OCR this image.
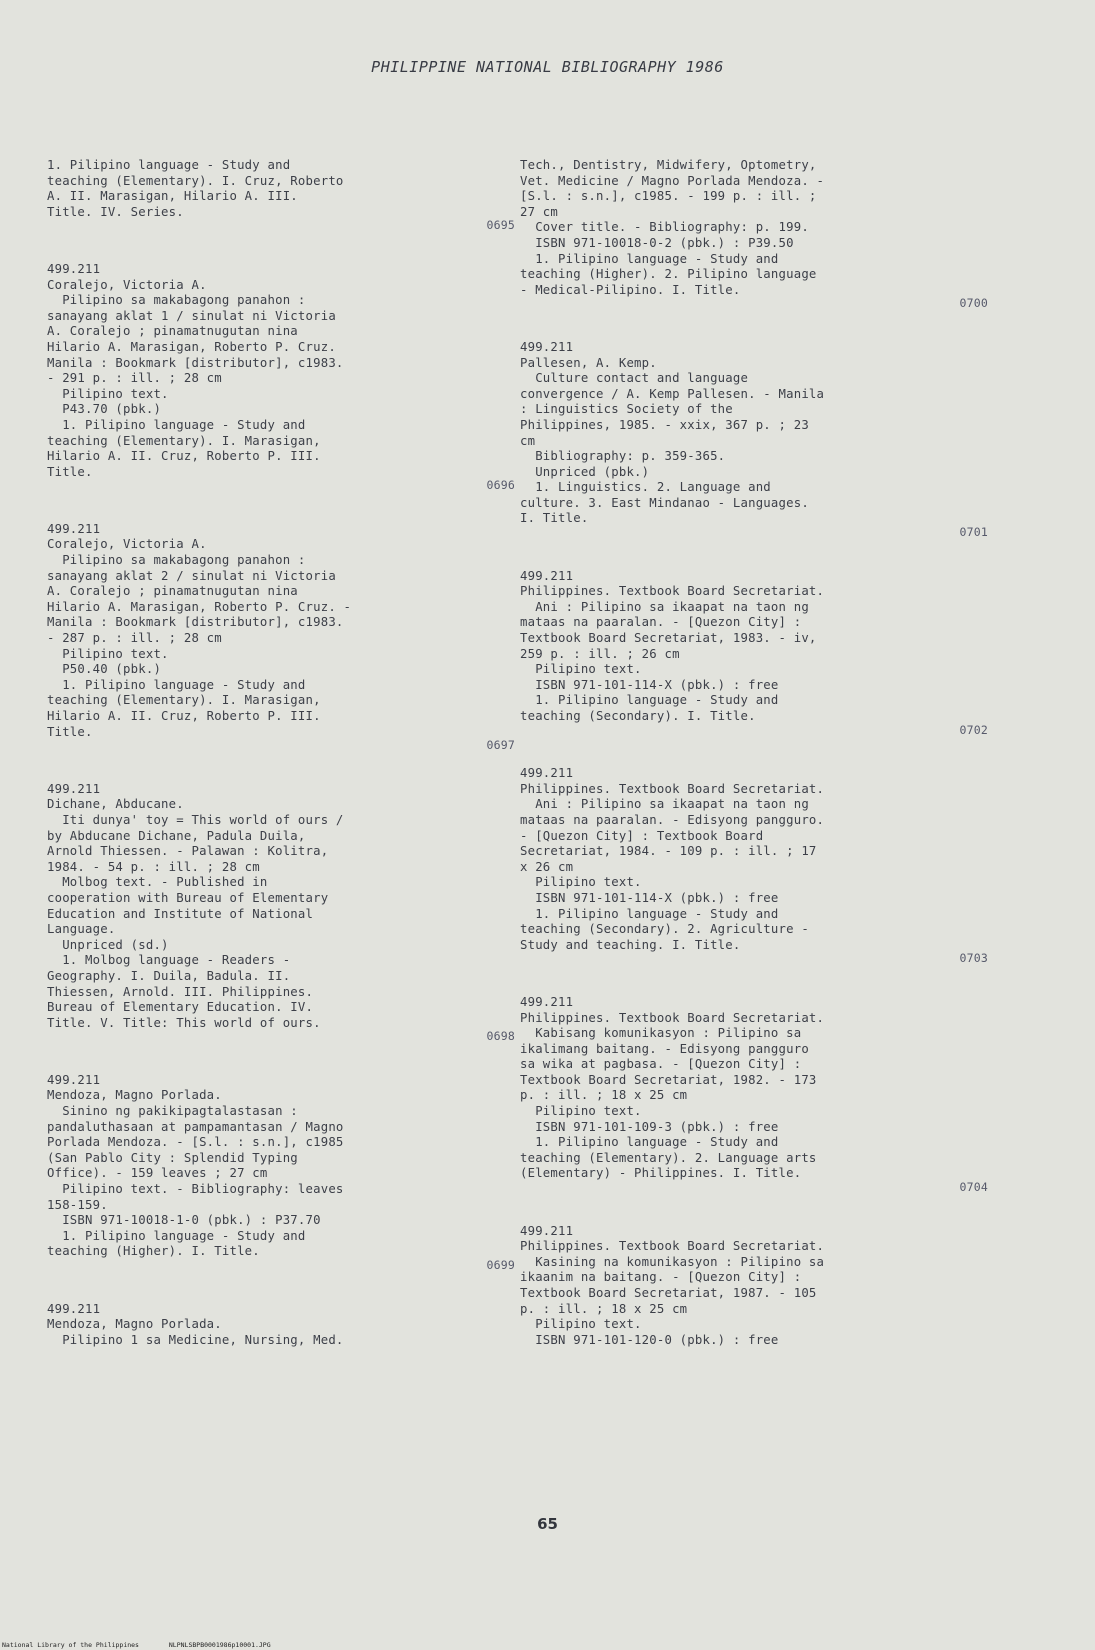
PHILIPPINE NATIONAL BIBLIOGRAPHY 1986
1. Pilipino language - Study and
teaching (Elementary). I. Cruz, Roberto
A. II. Marasigan, Hilario A. III.
Title. IV. Series.
0695
499.211
Coralejo, Victoria A.
Pilipino sa makabagong panahon :
sanayang aklat 1 / sinulat ni Victoria
A. Coralejo ; pinamatnugutan nina
Hilario A. Marasigan, Roberto P. Cruz.
Manila : Bookmark [distributor], c1983.
- 291 p. : ill. ; 28 cm
Pilipino text.
P43.70 (pbk.)
1. Pilipino language - Study and
teaching (Elementary). I. Marasigan,
Hilario A. II. Cruz, Roberto P. III.
Title.
0696
499.211
Coralejo, Victoria A.
Pilipino sa makabagong panahon :
sanayang aklat 2 / sinulat ni Victoria
A. Coralejo ; pinamatnugutan nina
Hilario A. Marasigan, Roberto P. Cruz. -
Manila : Bookmark [distributor], c1983.
- 287 p. : ill. ; 28 cm
Pilipino text.
P50.40 (pbk.)
1. Pilipino language - Study and
teaching (Elementary). I. Marasigan,
Hilario A. II. Cruz, Roberto P. III.
Title.
0697
499.211
Dichane, Abducane.
Iti dunya' toy = This world of ours /
by Abducane Dichane, Padula Duila,
Arnold Thiessen. - Palawan : Kolitra,
1984. - 54 p. : ill. ; 28 cm
Molbog text. - Published in
cooperation with Bureau of Elementary
Education and Institute of National
Language.
Unpriced (sd.)
1. Molbog language - Readers -
Geography. I. Duila, Badula. II.
Thiessen, Arnold. III. Philippines.
Bureau of Elementary Education. IV.
Title. V. Title: This world of ours.
0698
499.211
Mendoza, Magno Porlada.
Sinino ng pakikipagtalastasan :
pandaluthasaan at pampamantasan / Magno
Porlada Mendoza. - [S.l. : s.n.], c1985
(San Pablo City : Splendid Typing
Office). - 159 leaves ; 27 cm
Pilipino text. - Bibliography: leaves
158-159.
ISBN 971-10018-1-0 (pbk.) : P37.70
1. Pilipino language - Study and
teaching (Higher). I. Title.
0699
499.211
Mendoza, Magno Porlada.
Pilipino 1 sa Medicine, Nursing, Med.
Tech., Dentistry, Midwifery, Optometry,
Vet. Medicine / Magno Porlada Mendoza. -
[S.l. : s.n.], c1985. - 199 p. : ill. ;
27 cm
Cover title. - Bibliography: p. 199.
ISBN 971-10018-0-2 (pbk.) : P39.50
1. Pilipino language - Study and
teaching (Higher). 2. Pilipino language
- Medical-Pilipino. I. Title.
0700
499.211
Pallesen, A. Kemp.
Culture contact and language
convergence / A. Kemp Pallesen. - Manila
: Linguistics Society of the
Philippines, 1985. - xxix, 367 p. ; 23
cm
Bibliography: p. 359-365.
Unpriced (pbk.)
1. Linguistics. 2. Language and
culture. 3. East Mindanao - Languages.
I. Title.
0701
499.211
Philippines. Textbook Board Secretariat.
Ani : Pilipino sa ikaapat na taon ng
mataas na paaralan. - [Quezon City] :
Textbook Board Secretariat, 1983. - iv,
259 p. : ill. ; 26 cm
Pilipino text.
ISBN 971-101-114-X (pbk.) : free
1. Pilipino language - Study and
teaching (Secondary). I. Title.
0702
499.211
Philippines. Textbook Board Secretariat.
Ani : Pilipino sa ikaapat na taon ng
mataas na paaralan. - Edisyong pangguro.
- [Quezon City] : Textbook Board
Secretariat, 1984. - 109 p. : ill. ; 17
x 26 cm
Pilipino text.
ISBN 971-101-114-X (pbk.) : free
1. Pilipino language - Study and
teaching (Secondary). 2. Agriculture -
Study and teaching. I. Title.
0703
499.211
Philippines. Textbook Board Secretariat.
Kabisang komunikasyon : Pilipino sa
ikalimang baitang. - Edisyong pangguro
sa wika at pagbasa. - [Quezon City] :
Textbook Board Secretariat, 1982. - 173
p. : ill. ; 18 x 25 cm
Pilipino text.
ISBN 971-101-109-3 (pbk.) : free
1. Pilipino language - Study and
teaching (Elementary). 2. Language arts
(Elementary) - Philippines. I. Title.
0704
499.211
Philippines. Textbook Board Secretariat.
Kasining na komunikasyon : Pilipino sa
ikaanim na baitang. - [Quezon City] :
Textbook Board Secretariat, 1987. - 105
p. : ill. ; 18 x 25 cm
Pilipino text.
ISBN 971-101-120-0 (pbk.) : free
65
National Library of the Philippines	NLPNLSBPB0001986p10001.JPG
